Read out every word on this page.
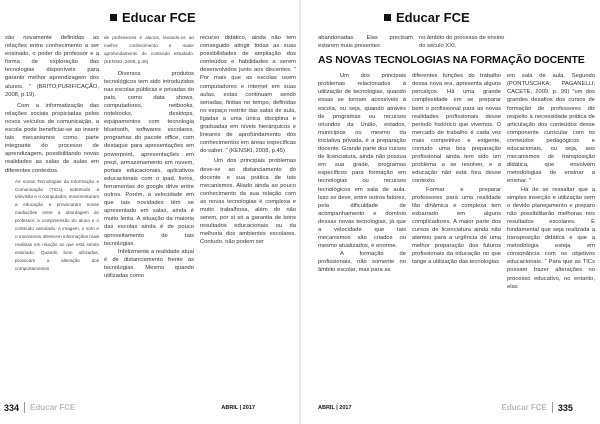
Educar FCE

são novamente definidas as relações entre conhecimento a ser ensinado, o poder do professor e a forma de exploração das tecnologias disponíveis para garantir melhor aprendizagem dos alunos. " (BRITO;PURIFICAÇÃO, 2008, p.19).

Com a informatização das relações sociais propiciadas pelos novos veículos de comunicação, a escola pode beneficiar-se ao inserir tais mecanismos como parte integrante do processo de aprendizagem, possibilitando novas realidades as salas de aulas em diferentes contextos.

As novas Tecnologias da Informação e Comunicação (TICs), sobretudo a televisão e o computador, movimentaram a educação e provocaram novas mediações entre a abordagem do professor, a compreensão do aluno e o conteúdo veiculado. A imagem, o som e o movimento oferecem informações mais realistas em relação ao que está sendo ensinado. Quando bem utilizadas, provocam a alteração dos comportamentos

de professores e alunos, levando-os ao melhor conhecimento e maior aprofundamento do conteúdo estudado. (KENSKI, 2008, p.45)

Diversos produtos tecnológicos tem sido introduzidos nas escolas públicas e privadas do país, como data shows, computadores, netbooks, notebooks, desktops, equipamentos com tecnologia bluetooth, softwares escolares, programas do pacote office, com destaque para apresentações em powerpoint, apresentações em prezi, armazenamento em nuvem, portais educacionais, aplicativos educacionais com o ipad, livros, ferramentas do google drive entre outros. Porém, a velocidade em que tais novidades têm se apresentado em salas, ainda é muito lenta. A situação da maioria das escolas ainda é de pouco aproveitamento de tais tecnologias.

Infelizmente a realidade atual é de distanciamento frente às tecnologias. Mesmo quando utilizadas como

recurso didático, ainda não tem conseguido atingir todas as suas possibilidades de ampliação dos conteúdos e habilidades a serem desenvolvidos junto aos discentes. " Por mais que as escolas usem computadores e internet em suas aulas, estas continuam sendo seriadas, finitas no tempo, definidas no espaço restrito das salas de aula, ligadas a uma única disciplina e graduadas em níveis hierárquicos e lineares de aprofundamento dos conhecimentos em áreas específicas do saber. " (KENSKI, 2008, p.45)

Um dos principais problemas deve-se ao distanciamento do docente e sua prática de tais mecanismos. Aliado ainda ao pouco conhecimento da sua relação com as novas tecnologias é complexa e muito trabalhosa, além do não serem, por si só a garantia de bons resultados educacionais ou da melhoria dos ambientes escolares. Contudo, não podem ser

334 Educar FCE	ABRIL | 2017
Educar FCE

abandonadas. Elas precisam estarem mais presentes

no âmbito do processo de ensino do século XXI.

AS NOVAS TECNOLOGIAS NA FORMAÇÃO DOCENTE

Um dos principais problemas relacionados à utilização de tecnologias, quando essas se tornam acessíveis à escola, ou seja, quando através de programas ou recursos oriundos da União, estados, municípios ou mesmo da iniciativa privada, é a preparação docente. Grande parte dos cursos de licenciatura, ainda não possua em sua grade, programas específicos para formação em tecnologias ou recursos tecnológicos em sala de aula. Isso se deve, entre outros fatores, pela dificuldade de acompanhamento e domínio dessas novas tecnologias, já que a velocidade que tais mecanismos são criados ou mesmo atualizados, é enorme.

A formação de profissionais, não somente no âmbito escolar, mas para as

diferentes funções do trabalho dessa nova era, apresenta alguns percalços. Há uma grande complexidade em se preparar bem o profissional para as novas realidades profissionais desse período histórico que vivemos. O mercado de trabalho é cada vez mais competitivo e exigente, contudo uma boa preparação profissional ainda tem sido um problema a se resolver, e a educação não está fora desse contexto.

Formar e preparar professores para uma realidade tão dinâmica e complexa tem esbarrado em alguns complicadores. A maior parte dos cursos de licenciatura ainda não atentou para a urgência de uma melhor preparação dos futuros profissionais da educação no que tange a utilização das tecnologias

em sala de aula. Segundo (PONTUSCHKA; PAGANELLI; CACETE, 2009, p. 99) "um dos grandes desafios dos cursos de formação de professores diz respeito à necessidade prática de articulação dos conteúdos desse componente curricular com os conteúdos pedagógicos e educacionais, ou seja, aos mecanismos de transposição didática, que envolvem metodologias de ensinar a ensinar. "

Há de se ressaltar que a simples inserção e utilização sem o devido planejamento e preparo não possibilitarão melhoras nos resultados escolares. É fundamental que seja realizada a transposição didática e que a metodologia esteja em consonância com os objetivos educacionais. " Para que as TICs possam trazer alterações no processo educativo, no entanto, elas

ABRIL | 2017	Educar FCE 335
